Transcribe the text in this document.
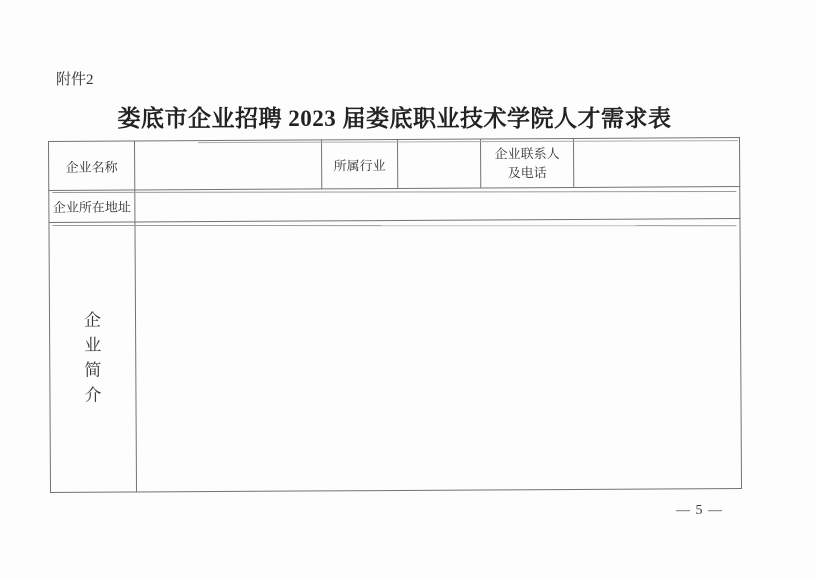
附件2
娄底市企业招聘 2023 届娄底职业技术学院人才需求表
企业名称		所属行业		企业联系人
及电话	

企业所在地址					

企业简介					

— 5 —
